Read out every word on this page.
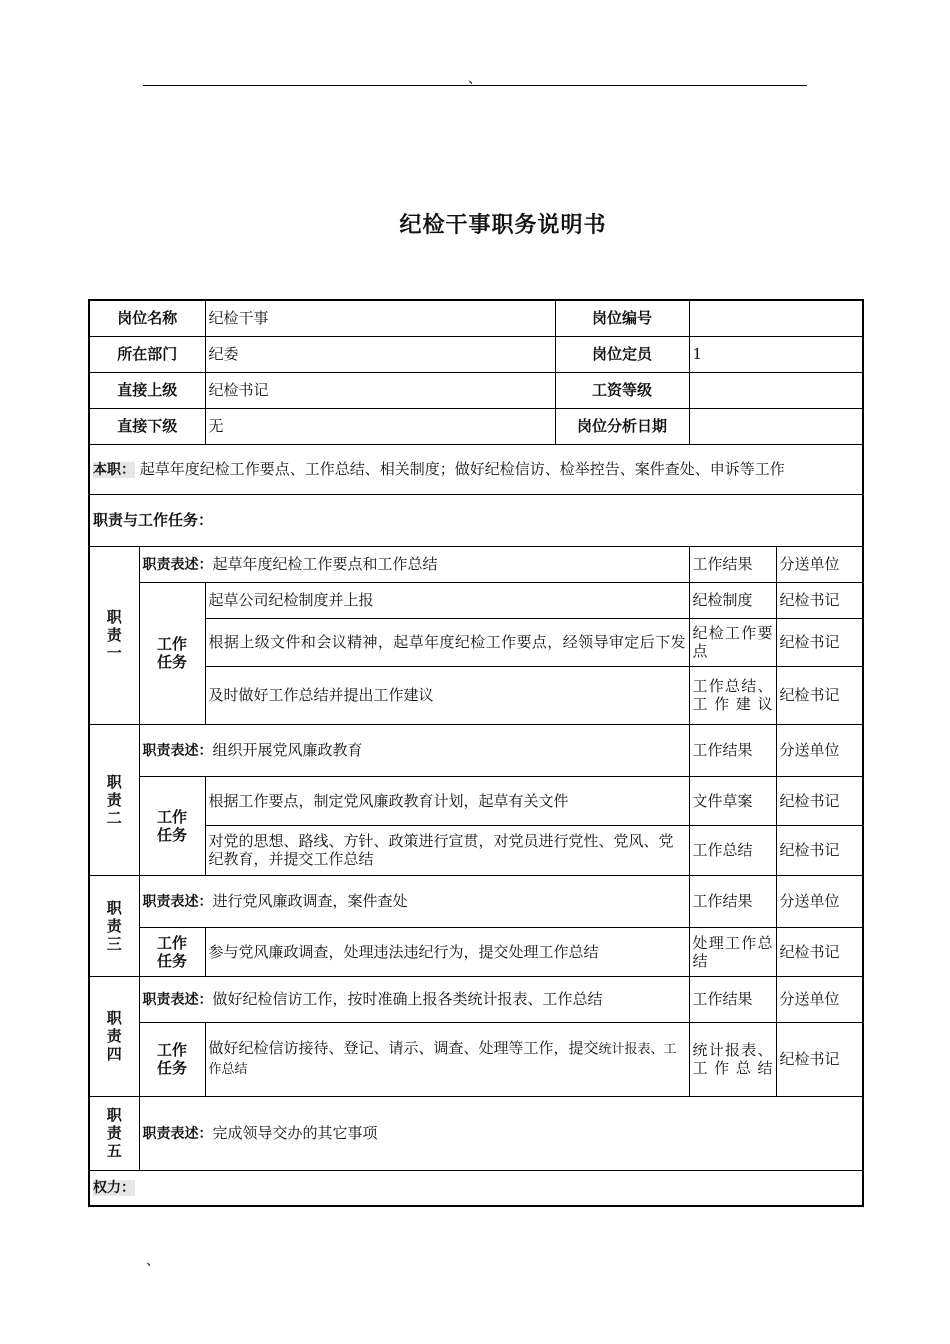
、
纪检干事职务说明书
岗位名称		纪检干事	岗位编号		
所在部门		纪委	岗位定员	1	
直接上级		纪检书记	工资等级		
直接下级		无	岗位分析日期		
本职： 起草年度纪检工作要点、工作总结、相关制度；做好纪检信访、检举控告、案件查处、申诉等工作					
职责与工作任务：					
职责一	职责表述：起草年度纪检工作要点和工作总结			工作结果	分送单位
	工作任务	起草公司纪检制度并上报		纪检制度	纪检书记
		根据上级文件和会议精神，起草年度纪检工作要点，经领导审定后下发		纪检工作要点	纪检书记
		及时做好工作总结并提出工作建议		工作总结、工作建议	纪检书记
职责二	职责表述：组织开展党风廉政教育			工作结果	分送单位
	工作任务	根据工作要点，制定党风廉政教育计划，起草有关文件		文件草案	纪检书记
		对党的思想、路线、方针、政策进行宣贯，对党员进行党性、党风、党纪教育，并提交工作总结		工作总结	纪检书记
职责三	职责表述：进行党风廉政调查，案件查处			工作结果	分送单位
	工作任务	参与党风廉政调查，处理违法违纪行为，提交处理工作总结		处理工作总结	纪检书记
职责四	职责表述：做好纪检信访工作，按时准确上报各类统计报表、工作总结			工作结果	分送单位
	工作任务	做好纪检信访接待、登记、请示、调查、处理等工作，提交统计报表、工作总结		统计报表、工作总结	纪检书记
职责五	职责表述：完成领导交办的其它事项				
权力：					
、
